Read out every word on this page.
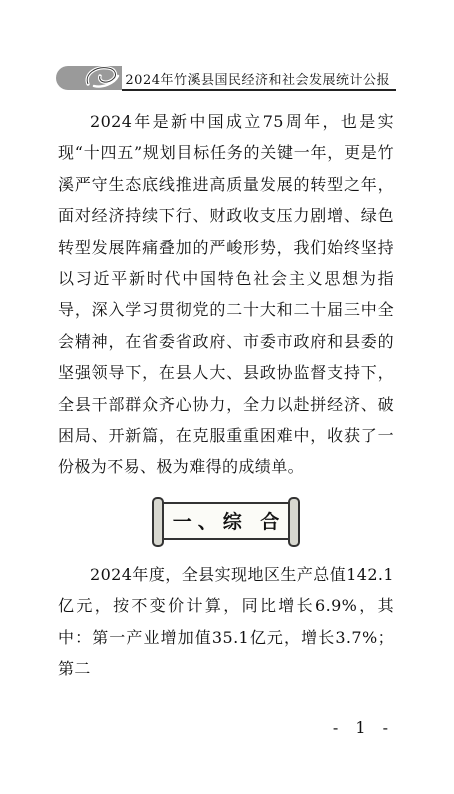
2024年竹溪县国民经济和社会发展统计公报

2024年是新中国成立75周年，也是实现“十四五”规划目标任务的关键一年，更是竹溪严守生态底线推进高质量发展的转型之年，面对经济持续下行、财政收支压力剧增、绿色转型发展阵痛叠加的严峻形势，我们始终坚持以习近平新时代中国特色社会主义思想为指导，深入学习贯彻党的二十大和二十届三中全会精神，在省委省政府、市委市政府和县委的坚强领导下，在县人大、县政协监督支持下，全县干部群众齐心协力，全力以赴拼经济、破困局、开新篇，在克服重重困难中，收获了一份极为不易、极为难得的成绩单。

一、综 合

2024年度，全县实现地区生产总值142.1亿元，按不变价计算，同比增长6.9%，其中：第一产业增加值35.1亿元，增长3.7%；第二

- 1 -
